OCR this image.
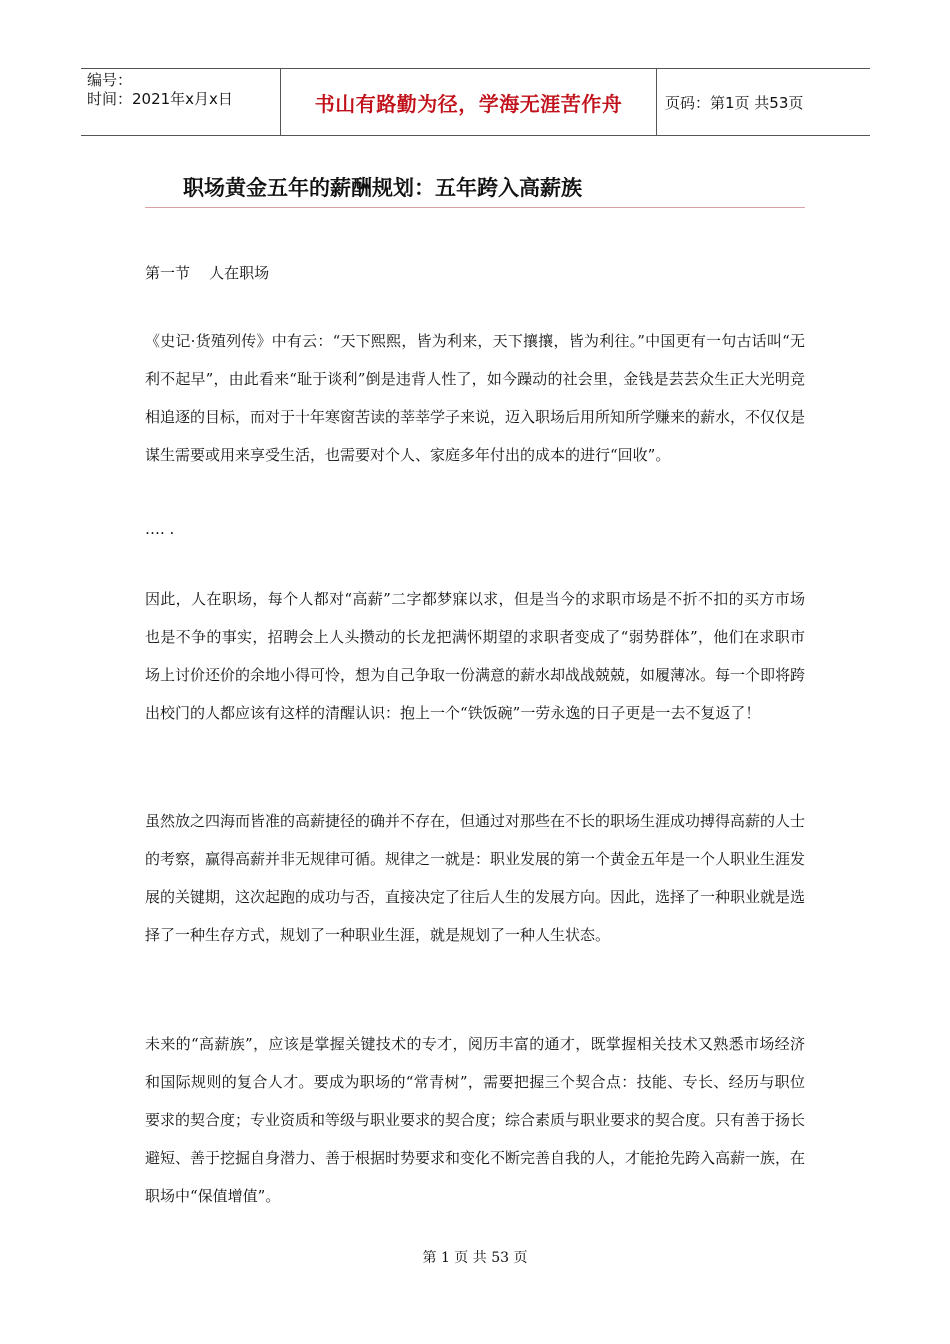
编号：
时间：2021年x月x日	书山有路勤为径，学海无涯苦作舟	页码：第1页 共53页
职场黄金五年的薪酬规划：五年跨入高薪族
第一节    人在职场

《史记·货殖列传》中有云：“天下熙熙，皆为利来，天下攘攘，皆为利往。”中国更有一句古话叫“无利不起早”，由此看来“耻于谈利”倒是违背人性了，如今躁动的社会里，金钱是芸芸众生正大光明竞相追逐的目标，而对于十年寒窗苦读的莘莘学子来说，迈入职场后用所知所学赚来的薪水，不仅仅是谋生需要或用来享受生活，也需要对个人、家庭多年付出的成本的进行“回收”。

…. .

因此，人在职场，每个人都对“高薪”二字都梦寐以求，但是当今的求职市场是不折不扣的买方市场也是不争的事实，招聘会上人头攒动的长龙把满怀期望的求职者变成了“弱势群体”，他们在求职市场上讨价还价的余地小得可怜，想为自己争取一份满意的薪水却战战兢兢，如履薄冰。每一个即将跨出校门的人都应该有这样的清醒认识：抱上一个“铁饭碗”一劳永逸的日子更是一去不复返了！

虽然放之四海而皆准的高薪捷径的确并不存在，但通过对那些在不长的职场生涯成功搏得高薪的人士的考察，赢得高薪并非无规律可循。规律之一就是：职业发展的第一个黄金五年是一个人职业生涯发展的关键期，这次起跑的成功与否，直接决定了往后人生的发展方向。因此，选择了一种职业就是选择了一种生存方式，规划了一种职业生涯，就是规划了一种人生状态。

未来的“高薪族”，应该是掌握关键技术的专才，阅历丰富的通才，既掌握相关技术又熟悉市场经济和国际规则的复合人才。要成为职场的“常青树”，需要把握三个契合点：技能、专长、经历与职位要求的契合度；专业资质和等级与职业要求的契合度；综合素质与职业要求的契合度。只有善于扬长避短、善于挖掘自身潜力、善于根据时势要求和变化不断完善自我的人，才能抢先跨入高薪一族，在职场中“保值增值”。

第 1 页 共 53 页
